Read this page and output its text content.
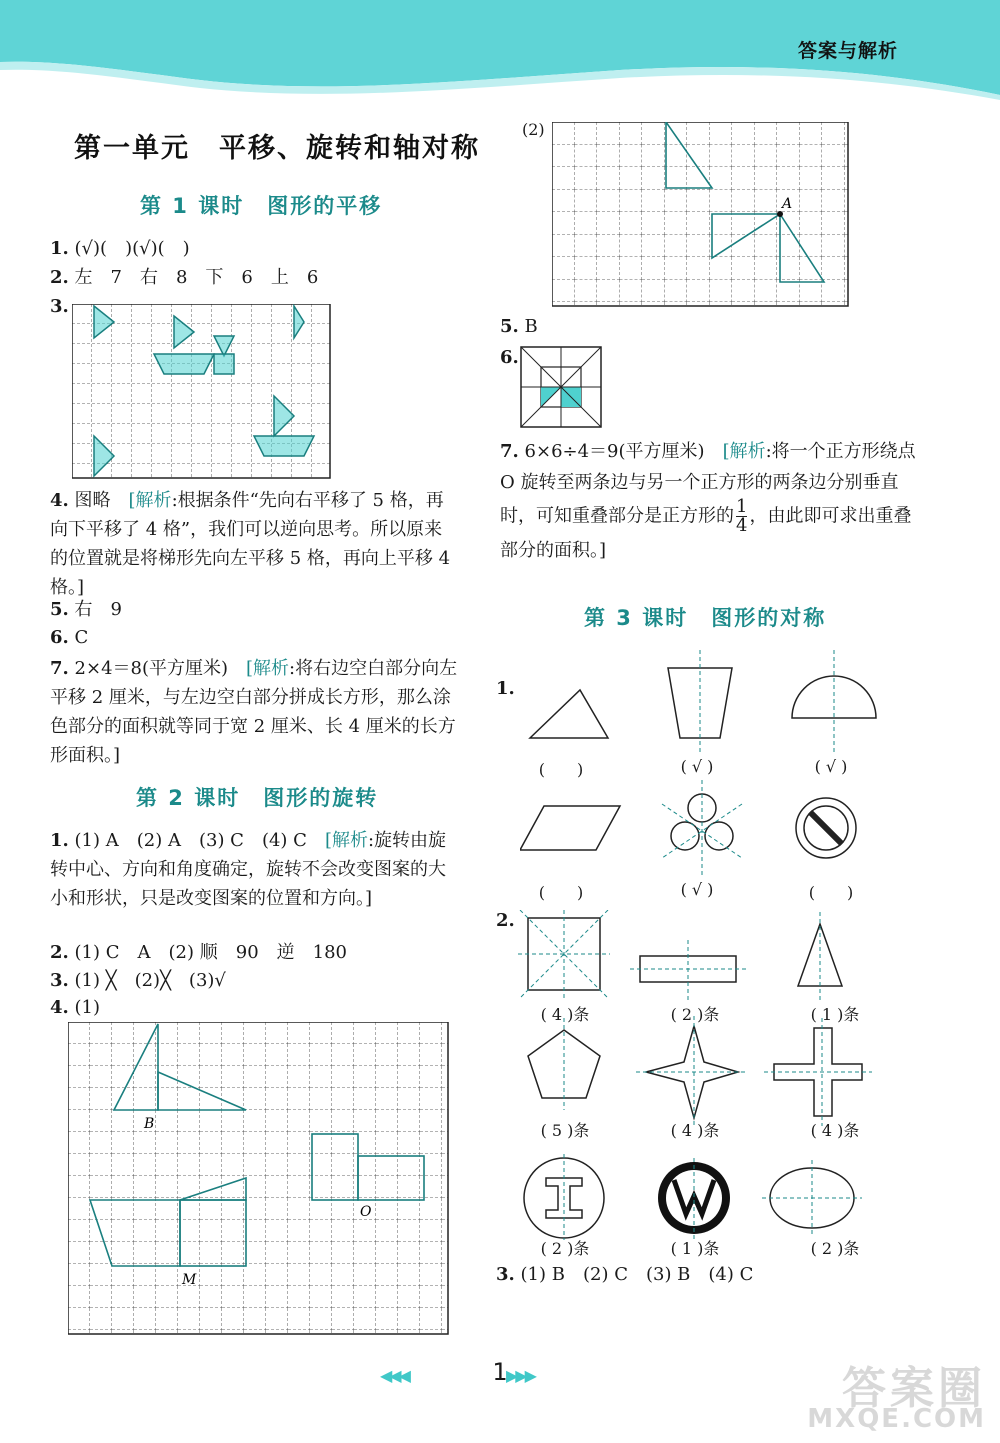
答案与解析
第一单元　平移、旋转和轴对称
第 1 课时　图形的平移
1. (√)(　)(√)(　)
2. 左　7　右　8　下　6　上　6
3.
4. 图略　[解析:根据条件“先向右平移了 5 格，再向下平移了 4 格”，我们可以逆向思考。所以原来的位置就是将梯形先向左平移 5 格，再向上平移 4 格。]
5. 右　9
6. C
7. 2×4＝8(平方厘米)　[解析:将右边空白部分向左平移 2 厘米，与左边空白部分拼成长方形，那么涂色部分的面积就等同于宽 2 厘米、长 4 厘米的长方形面积。]
第 2 课时　图形的旋转
1. (1) A　(2) A　(3) C　(4) C　[解析:旋转由旋转中心、方向和角度确定，旋转不会改变图案的大小和形状，只是改变图案的位置和方向。]
2. (1) C　A　(2) 顺　90　逆　180
3. (1) ╳　(2)╳　(3)√
4. (1)
B
M
O
(2)
A
5. B
6.
7. 6×6÷4＝9(平方厘米)　[解析:将一个正方形绕点 O 旋转至两条边与另一个正方形的两条边分别垂直时，可知重叠部分是正方形的 $\frac{1}{4}$ ，由此即可求出重叠部分的面积。]
第 3 课时　图形的对称
1.
(　　)	( √ )	( √ )
(　　)	( √ )	(　　)
2.
( 4 )条	( 2 )条	( 1 )条
( 5 )条	( 4 )条	( 4 )条
( 2 )条	( 1 )条	( 2 )条
3. (1) B　(2) C　(3) B　(4) C
◀◀◀	1
▶▶▶	答案圈
MXQE.COM
